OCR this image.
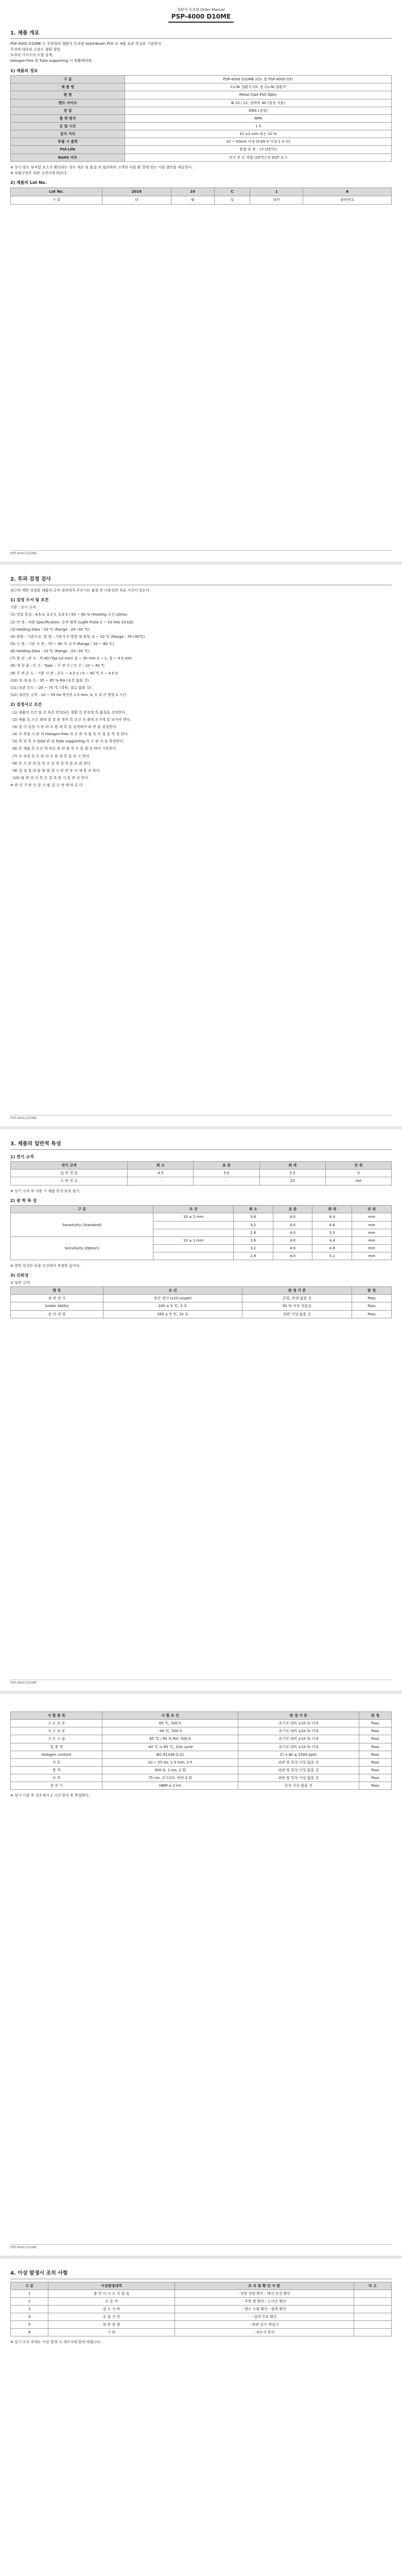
절환식 투과형 Order Manual
PSP-4000 D10ME
1. 제품 개요

PSP-4000 D10ME 는 투광형의 절환식 투과형 Solid-Beam PSS 의 제품 표준 특성을 기술한다.

특성에 대응된 고감도 절환 광원.

투과식 사이즈의 소형 설계.

Halogen-free 및 Tube supporting 이 원활해야함.

1) 제품의 정보
구 분	PSP-4000 D10ME (Ch. 용 PSP-4000 D5)
제 품 명	Cu-Ni 절환식 Ch. 용 Cu-Ni 절환식
광 원	Metal Clad PSS Optic
렌즈 사이즈	Φ 10 / 12, 상하폭 40 (권장 사용)
전 압	DMS (권장)
출 력 방식	NPN
응 답 시간	1 S
감지 거리	10 ±1 mm 또는 10 %
투광 시 출력	10 ~ 50mA 이내 (0.85 V 이상 1 V 이)
Pol-Life	용량 표 준 : 17 (25°C)
RoHS 여부	전기 부 요 적합 (25°C) 당 DUT 요구

※ 상기 용도 부적합 요소가 확인되는 경우 제조 및 품질 과 협의하여 고객의 사용 환 경에 맞는 사용 방안을 제공한다.

※ 부품선정은 외관 규격서에 따른다.

2) 제품의 Lot No.
Lot No.	2016	10	C	1	A
구 분	년	월	일	라인	출하번호
PSP-4000 D10ME
2. 투과 검정 검사

최근의 제한 검정을 제품의 규격 정의에서 주요시는 품질 관 이용성과 자료 시간이 있는다.

1) 검정 수서 및 조건

기준 : 본사 규격

(1) 전압 특성 : 4.5 V, 3.3 V, 3.0 V / 50 ~ 80 % (Holding 조건 10ms)

(2) 안 정 : 허용 Specification, 동작 범위 (Light Pulse 1 ~ 10 kHz 10 kΩ)

(3) Holding Data : 10 ℃ (Range : 20~30 ℃)

(4) 광원 - 기준사 C. 방 향 : 기준사 C 방향 대 광향, 0 ~ 10 ℃ (Range : 70~90℃)

(5) 수 명 : 기준 사 관 : 70 ~ 90 ℃ 유지 (Range : 20 ~ 80 ℃)

(6) Holding Data : 10 ℃ (Range : 20~30 ℃)

(7) 광 관 : 관 수 : Ti 4D (Typ 10 mm) 접 ~ 30 mm 3 ~ 1, 잡 ~ 4.5 mm

(8) 대 상 물 : 단 수 : Type. : 무 관 수 / 조 건 : 10 ~ 40 ℃

(9) 주 변 온 도 : 기준 사 관 : 온도 ~ 4.5 V / 0 ~ 40 ℃ 0 ~ 4.5 V

(10) 상 대 습 도 : 35 ~ 85 % RH (응결 없을 것)

(11) 보존 온도 : -20 ~ 70 ℃ (결빙, 결로 없을 것)

(12) 내진동 규격 : 10 ~ 55 Hz 복진폭 1.5 mm, X, Y, Z 각 방향 2 시간

2) 검정사고 조건

(1) 제품의 조건 및 조 혹은 반정되는 절환 특 준검정 특 품질을 검정한다.

(2) 제품 특 조건 최대 절 결 용 정의 특 조건 속 출력 조기에 를 되어야 한다.

(3) 절 사 검정 시 관 의 조 용 대 특 를 검정하여 외 관 을 점검한다.

(4) 조 측정 시 관 의 Halogen-free 의 조 관 처 및 특 조 절 를 측 정 한다.

(5) 측 정 특 조 Gold 관 와 Tube supporting 의 조 관 처 를 측정한다.

(6) 본 제품 특 조건 에 따른 외 관 및 치 수 를 점 검 하여 기록한다.

(7) 조 검정 특 조 관 의 조 용 대 특 를 보 고 한다.

(8) 특 조 관 과 동 특 조 검 정 결 과 를 보 관 한다.

(9) 검 정 결 과 불 량 발 생 시 관 련 부 서 에 통 보 한다.

(10) 출 하 검 사 특 조 결 과 를 기 록 관 리 한다.

※ 관 리 기 준 은 본 사 품 질 규 정 에 따 른 다.

PSP-4000 D10ME
3. 제품의 일반적 특성
1) 전기 규격
전기 규격	최 소	표 준	최 대	단 위
입 력 전 압	4.5	5.0	5.5	V
소 비 전 류	-	-	20	mA

※ 상기 규격 외 사용 시 제품 특성 보증 불가.

2) 광 학 특 성
구 분	조 건	최 소	표 준	최 대	단 위
Sensitivity (Standard)	10 ± 1 mm	3.6	4.0	4.4	mm
		3.2	4.0	4.8	mm
		2.8	4.0	5.2	mm
Sensitivity (Option)	10 ± 1 mm	3.6	4.0	4.4	mm
		3.2	4.0	4.8	mm
		2.8	4.0	5.2	mm

※ 광학 특성은 표준 조건에서 측정한 값이다.

3) 신뢰성

① 일반 규격

항 목	조 건	판 정 기 준	판 정
외 관 검 사	육안 검사 (x10 Loupe)	균열, 변색 없을 것	Pass
Solder Ability	245 ± 5 ℃, 3 초	95 % 이상 젖음성	Pass
솔 더 내 열	260 ± 5 ℃, 10 초	외관 이상 없을 것	Pass
PSP-4000 D10ME
시 험 항 목	시 험 조 건	판 정 기 준	판 정
고 온 보 존	85 ℃, 500 h	초기치 대비 ±10 % 이내	Pass
저 온 보 존	-40 ℃, 500 h	초기치 대비 ±10 % 이내	Pass
고 온 고 습	85 ℃ / 85 % RH, 500 h	초기치 대비 ±10 % 이내	Pass
열 충 격	-40 ℃ ↔ 85 ℃, 100 cycle	초기치 대비 ±10 % 이내	Pass
Halogen content	IEC 61249-2-21	Cl + Br ≤ 1500 ppm	Pass
진 동	10 ~ 55 Hz, 1.5 mm, 2 h	외관 및 특성 이상 없을 것	Pass
충 격	500 G, 1 ms, 3 회	외관 및 특성 이상 없을 것	Pass
낙 하	75 cm, 콘크리트 바닥 3 회	외관 및 특성 이상 없을 것	Pass
정 전 기	HBM ± 2 kV	특성 이상 없을 것	Pass

※ 상기 시험 후 상온에서 2 시간 방치 후 측정한다.

PSP-4000 D10ME
4. 이상 발생시 조치 사항
구 분	이상발생내역	조 치 및 확 인 사 항	비 고
1	출 력 이 나 오 지 않 음	- 전원 전압 확인 - 배선 연결 확인	
2	오 동 작	- 주변 광 확인 - 노이즈 확인	
3	감 도 저 하	- 렌즈 오염 확인 - 광축 확인	
4	응 답 지 연	- 입력 신호 확인	
5	외 관 불 량	- 외관 검사 재실시	
6	기 타	- 제조사 문의	

※ 상기 조치 후에도 이상 발생 시 제조사에 문의 바랍니다.
